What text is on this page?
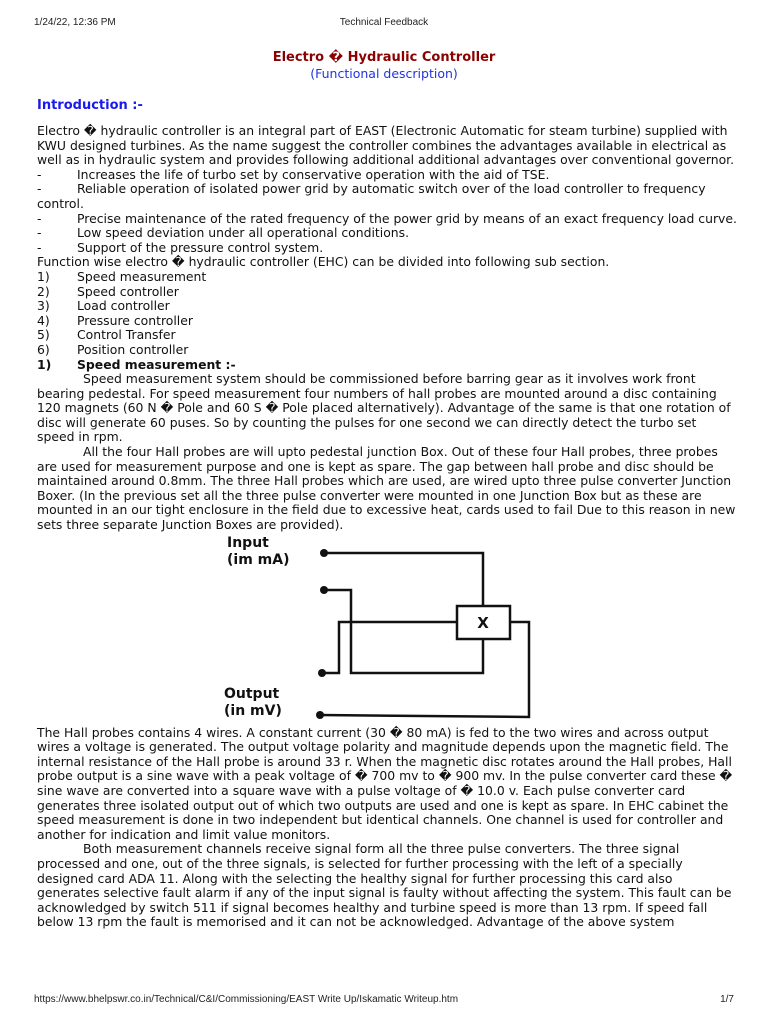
1/24/22, 12:36 PM	Technical Feedback
Electro � Hydraulic Controller
(Functional description)
Introduction :-

Electro � hydraulic controller is an integral part of EAST (Electronic Automatic for steam turbine) supplied with KWU designed turbines. As the name suggest the controller combines the advantages available in electrical as well as in hydraulic system and provides following additional additional advantages over conventional governor.

-	Increases the life of turbo set by conservative operation with the aid of TSE.

-	Reliable operation of isolated power grid by automatic switch over of the load controller to frequency control.

-	Precise maintenance of the rated frequency of the power grid by means of an exact frequency load curve.

-	Low speed deviation under all operational conditions.

-	Support of the pressure control system.

Function wise electro � hydraulic controller (EHC) can be divided into following sub section.

1) Speed measurement

2) Speed controller

3) Load controller

4) Pressure controller

5) Control Transfer

6) Position controller

1) Speed measurement :-

Speed measurement system should be commissioned before barring gear as it involves work front bearing pedestal. For speed measurement four numbers of hall probes are mounted around a disc containing 120 magnets (60 N � Pole and 60 S � Pole placed alternatively). Advantage of the same is that one rotation of disc will generate 60 puses. So by counting the pulses for one second we can directly detect the turbo set speed in rpm.

All the four Hall probes are will upto pedestal junction Box. Out of these four Hall probes, three probes are used for measurement purpose and one is kept as spare. The gap between hall probe and disc should be maintained around 0.8mm. The three Hall probes which are used, are wired upto three pulse converter Junction Boxer. (In the previous set all the three pulse converter were mounted in one Junction Box but as these are mounted in an our tight enclosure in the field due to excessive heat, cards used to fail Due to this reason in new sets three separate Junction Boxes are provided).

Input
(im mA)
Output
(in mV)
X

The Hall probes contains 4 wires. A constant current (30 � 80 mA) is fed to the two wires and across output wires a voltage is generated. The output voltage polarity and magnitude depends upon the magnetic field. The internal resistance of the Hall probe is around 33 r. When the magnetic disc rotates around the Hall probes, Hall probe output is a sine wave with a peak voltage of � 700 mv to � 900 mv. In the pulse converter card these � sine wave are converted into a square wave with a pulse voltage of � 10.0 v. Each pulse converter card generates three isolated output out of which two outputs are used and one is kept as spare. In EHC cabinet the speed measurement is done in two independent but identical channels. One channel is used for controller and another for indication and limit value monitors.

Both measurement channels receive signal form all the three pulse converters. The three signal processed and one, out of the three signals, is selected for further processing with the left of a specially designed card ADA 11. Along with the selecting the healthy signal for further processing this card also generates selective fault alarm if any of the input signal is faulty without affecting the system. This fault can be acknowledged by switch 511 if signal becomes healthy and turbine speed is more than 13 rpm. If speed fall below 13 rpm the fault is memorised and it can not be acknowledged. Advantage of the above system

https://www.bhelpswr.co.in/Technical/C&I/Commissioning/EAST Write Up/Iskamatic Writeup.htm	1/7
